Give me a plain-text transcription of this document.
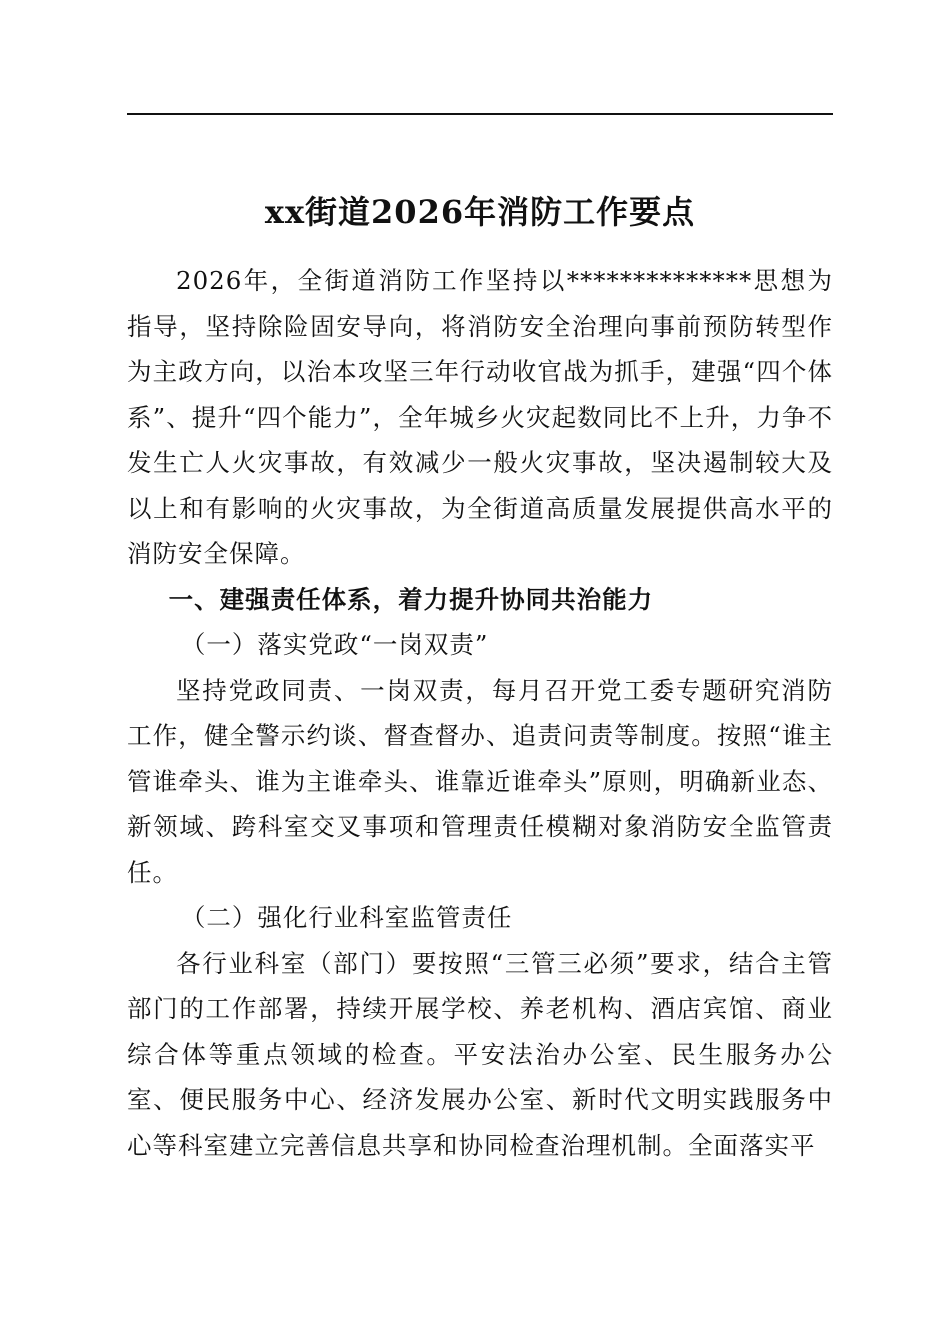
xx街道2026年消防工作要点

2026年，全街道消防工作坚持以**************思想为指导，坚持除险固安导向，将消防安全治理向事前预防转型作为主政方向，以治本攻坚三年行动收官战为抓手，建强“四个体系”、提升“四个能力”，全年城乡火灾起数同比不上升，力争不发生亡人火灾事故，有效减少一般火灾事故，坚决遏制较大及以上和有影响的火灾事故，为全街道高质量发展提供高水平的消防安全保障。

一、建强责任体系，着力提升协同共治能力

（一）落实党政“一岗双责”

坚持党政同责、一岗双责，每月召开党工委专题研究消防工作，健全警示约谈、督查督办、追责问责等制度。按照“谁主管谁牵头、谁为主谁牵头、谁靠近谁牵头”原则，明确新业态、新领域、跨科室交叉事项和管理责任模糊对象消防安全监管责任。

（二）强化行业科室监管责任

各行业科室（部门）要按照“三管三必须”要求，结合主管部门的工作部署，持续开展学校、养老机构、酒店宾馆、商业综合体等重点领域的检查。平安法治办公室、民生服务办公室、便民服务中心、经济发展办公室、新时代文明实践服务中心等科室建立完善信息共享和协同检查治理机制。全面落实平
